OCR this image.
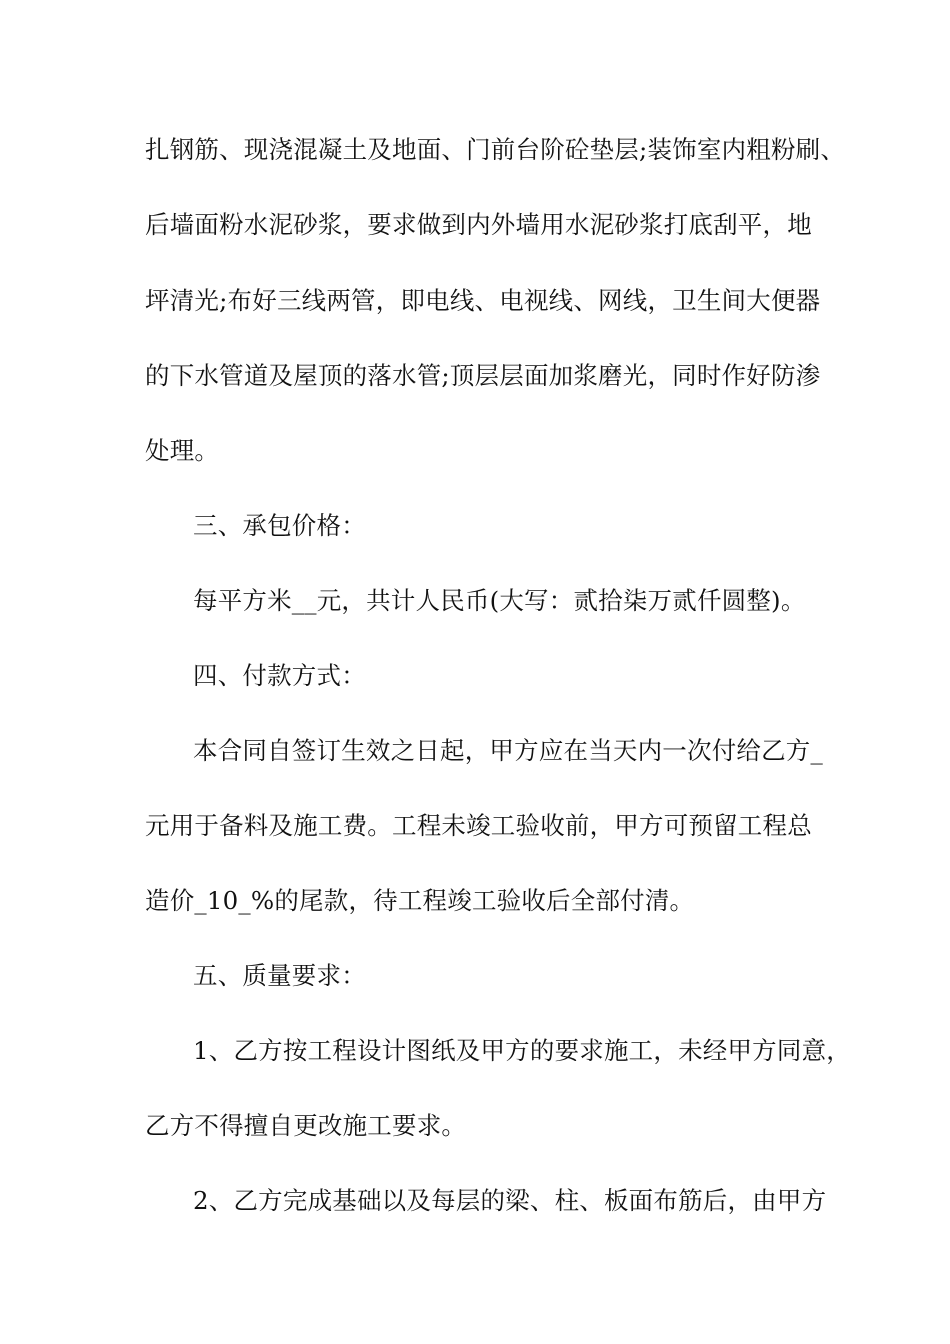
扎钢筋、现浇混凝土及地面、门前台阶砼垫层;装饰室内粗粉刷、
后墙面粉水泥砂浆，要求做到内外墙用水泥砂浆打底刮平，地
坪清光;布好三线两管，即电线、电视线、网线，卫生间大便器
的下水管道及屋顶的落水管;顶层层面加浆磨光，同时作好防渗
处理。
三、承包价格：
每平方米__元，共计人民币(大写：贰拾柒万贰仟圆整)。
四、付款方式：
本合同自签订生效之日起，甲方应在当天内一次付给乙方_
元用于备料及施工费。工程未竣工验收前，甲方可预留工程总
造价_10_%的尾款，待工程竣工验收后全部付清。
五、质量要求：
1、乙方按工程设计图纸及甲方的要求施工，未经甲方同意，
乙方不得擅自更改施工要求。
2、乙方完成基础以及每层的梁、柱、板面布筋后，由甲方
